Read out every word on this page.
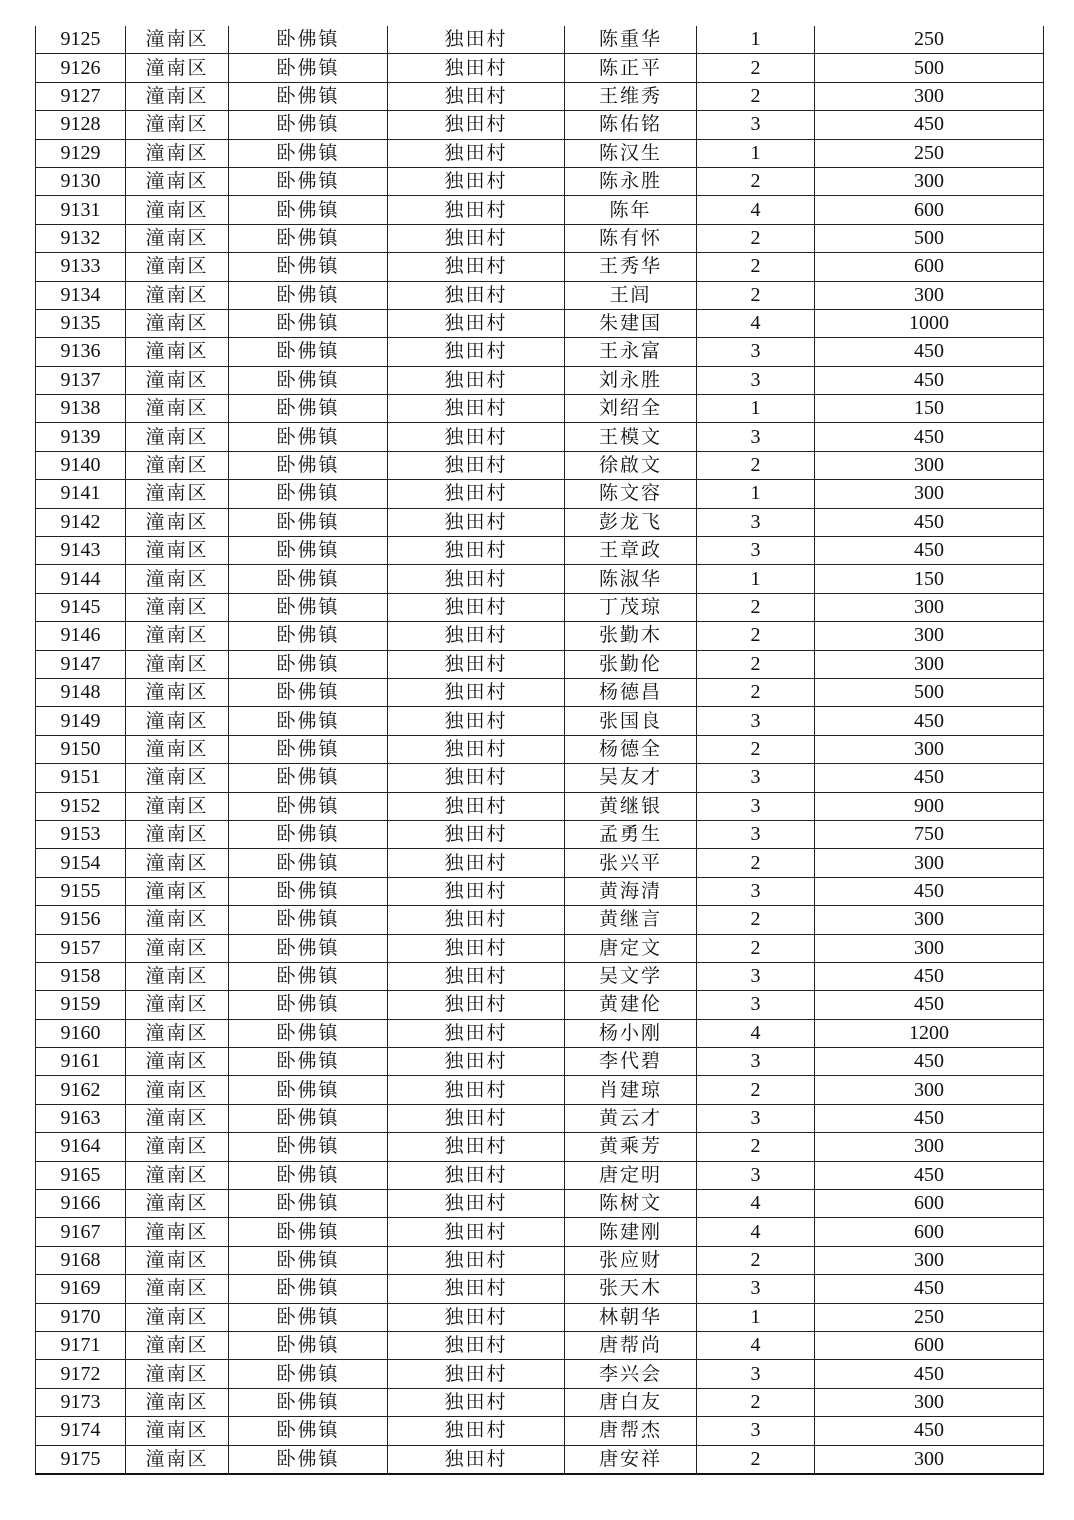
9125	潼南区	卧佛镇	独田村	陈重华	1	250
9126	潼南区	卧佛镇	独田村	陈正平	2	500
9127	潼南区	卧佛镇	独田村	王维秀	2	300
9128	潼南区	卧佛镇	独田村	陈佑铭	3	450
9129	潼南区	卧佛镇	独田村	陈汉生	1	250
9130	潼南区	卧佛镇	独田村	陈永胜	2	300
9131	潼南区	卧佛镇	独田村	陈年	4	600
9132	潼南区	卧佛镇	独田村	陈有怀	2	500
9133	潼南区	卧佛镇	独田村	王秀华	2	600
9134	潼南区	卧佛镇	独田村	王闾	2	300
9135	潼南区	卧佛镇	独田村	朱建国	4	1000
9136	潼南区	卧佛镇	独田村	王永富	3	450
9137	潼南区	卧佛镇	独田村	刘永胜	3	450
9138	潼南区	卧佛镇	独田村	刘绍全	1	150
9139	潼南区	卧佛镇	独田村	王模文	3	450
9140	潼南区	卧佛镇	独田村	徐啟文	2	300
9141	潼南区	卧佛镇	独田村	陈文容	1	300
9142	潼南区	卧佛镇	独田村	彭龙飞	3	450
9143	潼南区	卧佛镇	独田村	王章政	3	450
9144	潼南区	卧佛镇	独田村	陈淑华	1	150
9145	潼南区	卧佛镇	独田村	丁茂琼	2	300
9146	潼南区	卧佛镇	独田村	张勤木	2	300
9147	潼南区	卧佛镇	独田村	张勤伦	2	300
9148	潼南区	卧佛镇	独田村	杨德昌	2	500
9149	潼南区	卧佛镇	独田村	张国良	3	450
9150	潼南区	卧佛镇	独田村	杨德全	2	300
9151	潼南区	卧佛镇	独田村	吴友才	3	450
9152	潼南区	卧佛镇	独田村	黄继银	3	900
9153	潼南区	卧佛镇	独田村	孟勇生	3	750
9154	潼南区	卧佛镇	独田村	张兴平	2	300
9155	潼南区	卧佛镇	独田村	黄海清	3	450
9156	潼南区	卧佛镇	独田村	黄继言	2	300
9157	潼南区	卧佛镇	独田村	唐定文	2	300
9158	潼南区	卧佛镇	独田村	吴文学	3	450
9159	潼南区	卧佛镇	独田村	黄建伦	3	450
9160	潼南区	卧佛镇	独田村	杨小刚	4	1200
9161	潼南区	卧佛镇	独田村	李代碧	3	450
9162	潼南区	卧佛镇	独田村	肖建琼	2	300
9163	潼南区	卧佛镇	独田村	黄云才	3	450
9164	潼南区	卧佛镇	独田村	黄乘芳	2	300
9165	潼南区	卧佛镇	独田村	唐定明	3	450
9166	潼南区	卧佛镇	独田村	陈树文	4	600
9167	潼南区	卧佛镇	独田村	陈建刚	4	600
9168	潼南区	卧佛镇	独田村	张应财	2	300
9169	潼南区	卧佛镇	独田村	张天木	3	450
9170	潼南区	卧佛镇	独田村	林朝华	1	250
9171	潼南区	卧佛镇	独田村	唐帮尚	4	600
9172	潼南区	卧佛镇	独田村	李兴会	3	450
9173	潼南区	卧佛镇	独田村	唐白友	2	300
9174	潼南区	卧佛镇	独田村	唐帮杰	3	450
9175	潼南区	卧佛镇	独田村	唐安祥	2	300
